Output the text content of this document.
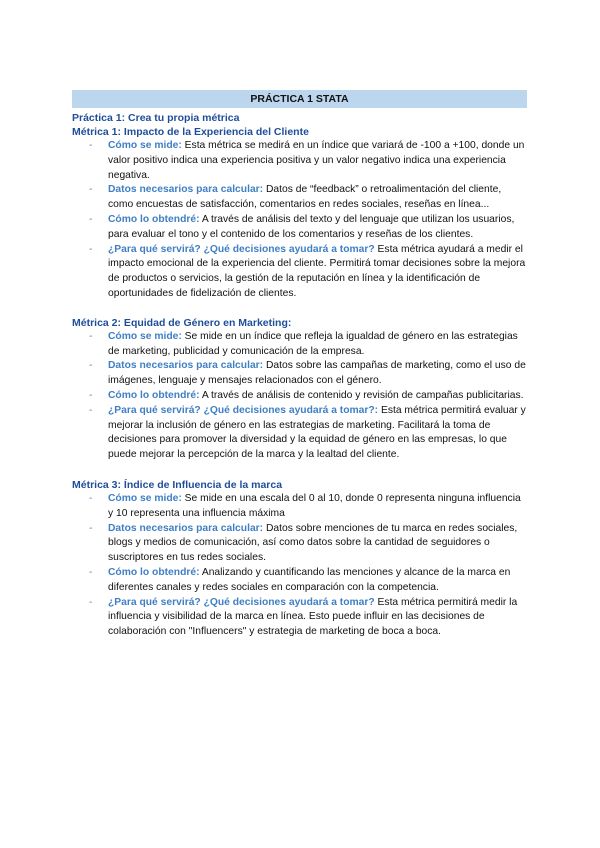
PRÁCTICA 1 STATA
Práctica 1: Crea tu propia métrica
Métrica 1: Impacto de la Experiencia del Cliente
- Cómo se mide: Esta métrica se medirá en un índice que variará de -100 a +100, donde un valor positivo indica una experiencia positiva y un valor negativo indica una experiencia negativa.
- Datos necesarios para calcular: Datos de “feedback” o retroalimentación del cliente, como encuestas de satisfacción, comentarios en redes sociales, reseñas en línea...
- Cómo lo obtendré: A través de análisis del texto y del lenguaje que utilizan los usuarios, para evaluar el tono y el contenido de los comentarios y reseñas de los clientes.
- ¿Para qué servirá? ¿Qué decisiones ayudará a tomar? Esta métrica ayudará a medir el impacto emocional de la experiencia del cliente. Permitirá tomar decisiones sobre la mejora de productos o servicios, la gestión de la reputación en línea y la identificación de oportunidades de fidelización de clientes.
Métrica 2: Equidad de Género en Marketing:
- Cómo se mide: Se mide en un índice que refleja la igualdad de género en las estrategias de marketing, publicidad y comunicación de la empresa.
- Datos necesarios para calcular: Datos sobre las campañas de marketing, como el uso de imágenes, lenguaje y mensajes relacionados con el género.
- Cómo lo obtendré: A través de análisis de contenido y revisión de campañas publicitarias.
- ¿Para qué servirá? ¿Qué decisiones ayudará a tomar?: Esta métrica permitirá evaluar y mejorar la inclusión de género en las estrategias de marketing. Facilitará la toma de decisiones para promover la diversidad y la equidad de género en las empresas, lo que puede mejorar la percepción de la marca y la lealtad del cliente.
Métrica 3: Índice de Influencia de la marca
- Cómo se mide: Se mide en una escala del 0 al 10, donde 0 representa ninguna influencia y 10 representa una influencia máxima
- Datos necesarios para calcular: Datos sobre menciones de tu marca en redes sociales, blogs y medios de comunicación, así como datos sobre la cantidad de seguidores o suscriptores en tus redes sociales.
- Cómo lo obtendré: Analizando y cuantificando las menciones y alcance de la marca en diferentes canales y redes sociales en comparación con la competencia.
- ¿Para qué servirá? ¿Qué decisiones ayudará a tomar? Esta métrica permitirá medir la influencia y visibilidad de la marca en línea. Esto puede influir en las decisiones de colaboración con "Influencers" y estrategia de marketing de boca a boca.
